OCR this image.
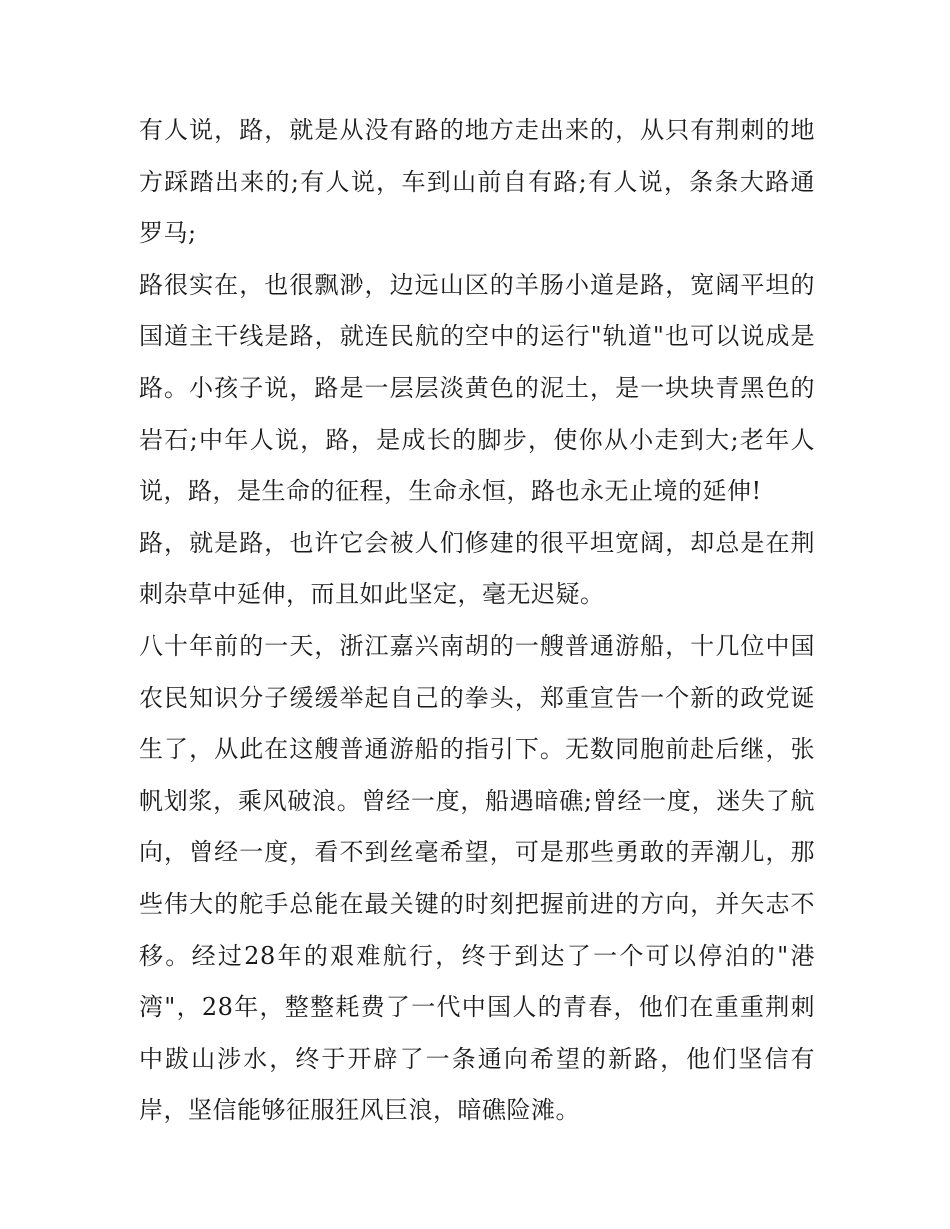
有人说，路，就是从没有路的地方走出来的，从只有荆刺的地方踩踏出来的;有人说，车到山前自有路;有人说，条条大路通罗马;

路很实在，也很飘渺，边远山区的羊肠小道是路，宽阔平坦的国道主干线是路，就连民航的空中的运行"轨道"也可以说成是路。小孩子说，路是一层层淡黄色的泥土，是一块块青黑色的岩石;中年人说，路，是成长的脚步，使你从小走到大;老年人说，路，是生命的征程，生命永恒，路也永无止境的延伸!

路，就是路，也许它会被人们修建的很平坦宽阔，却总是在荆刺杂草中延伸，而且如此坚定，毫无迟疑。

八十年前的一天，浙江嘉兴南胡的一艘普通游船，十几位中国农民知识分子缓缓举起自己的拳头，郑重宣告一个新的政党诞生了，从此在这艘普通游船的指引下。无数同胞前赴后继，张帆划浆，乘风破浪。曾经一度，船遇暗礁;曾经一度，迷失了航向，曾经一度，看不到丝毫希望，可是那些勇敢的弄潮儿，那些伟大的舵手总能在最关键的时刻把握前进的方向，并矢志不移。经过28年的艰难航行，终于到达了一个可以停泊的"港湾"，28年，整整耗费了一代中国人的青春，他们在重重荆刺中跋山涉水，终于开辟了一条通向希望的新路，他们坚信有岸，坚信能够征服狂风巨浪，暗礁险滩。
